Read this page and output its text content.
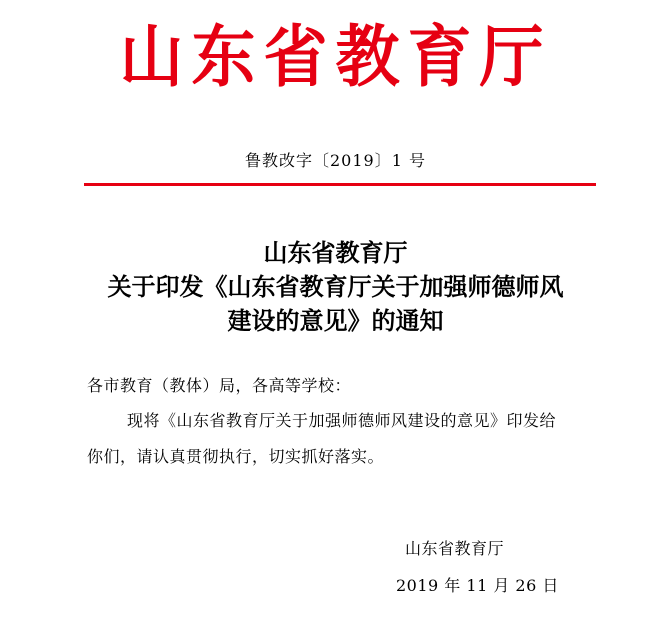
山东省教育厅
鲁教改字〔2019〕1 号
山东省教育厅
关于印发《山东省教育厅关于加强师德师风
建设的意见》的通知
各市教育（教体）局，各高等学校：
现将《山东省教育厅关于加强师德师风建设的意见》印发给
你们，请认真贯彻执行，切实抓好落实。
山东省教育厅
2019 年 11 月 26 日
